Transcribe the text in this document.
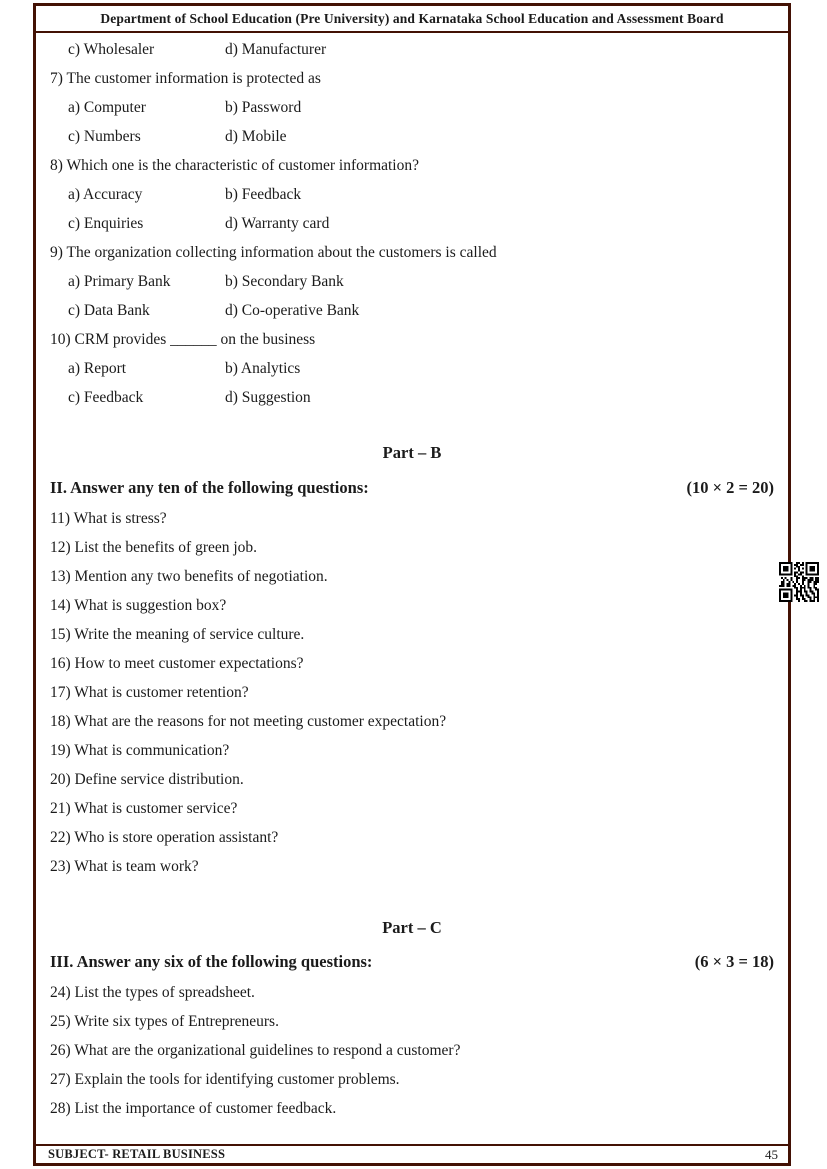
Department of School Education (Pre University) and Karnataka School Education and Assessment Board
c) Wholesaler	d) Manufacturer
7) The customer information is protected as
a) Computer	b) Password
c) Numbers	d) Mobile
8) Which one is the characteristic of customer information?
a) Accuracy	b) Feedback
c) Enquiries	d) Warranty card
9) The organization collecting information about the customers is called
a) Primary Bank	b) Secondary Bank
c) Data Bank	d) Co-operative Bank
10) CRM provides ______ on the business
a) Report	b) Analytics
c) Feedback	d) Suggestion
Part – B
II. Answer any ten of the following questions:	(10 × 2 = 20)
11) What is stress?
12) List the benefits of green job.
13) Mention any two benefits of negotiation.
14) What is suggestion box?
15) Write the meaning of service culture.
16) How to meet customer expectations?
17) What is customer retention?
18) What are the reasons for not meeting customer expectation?
19) What is communication?
20) Define service distribution.
21) What is customer service?
22) Who is store operation assistant?
23) What is team work?
Part – C
III. Answer any six of the following questions:	(6 × 3 = 18)
24) List the types of spreadsheet.
25) Write six types of Entrepreneurs.
26) What are the organizational guidelines to respond a customer?
27) Explain the tools for identifying customer problems.
28) List the importance of customer feedback.
SUBJECT- RETAIL BUSINESS	45
